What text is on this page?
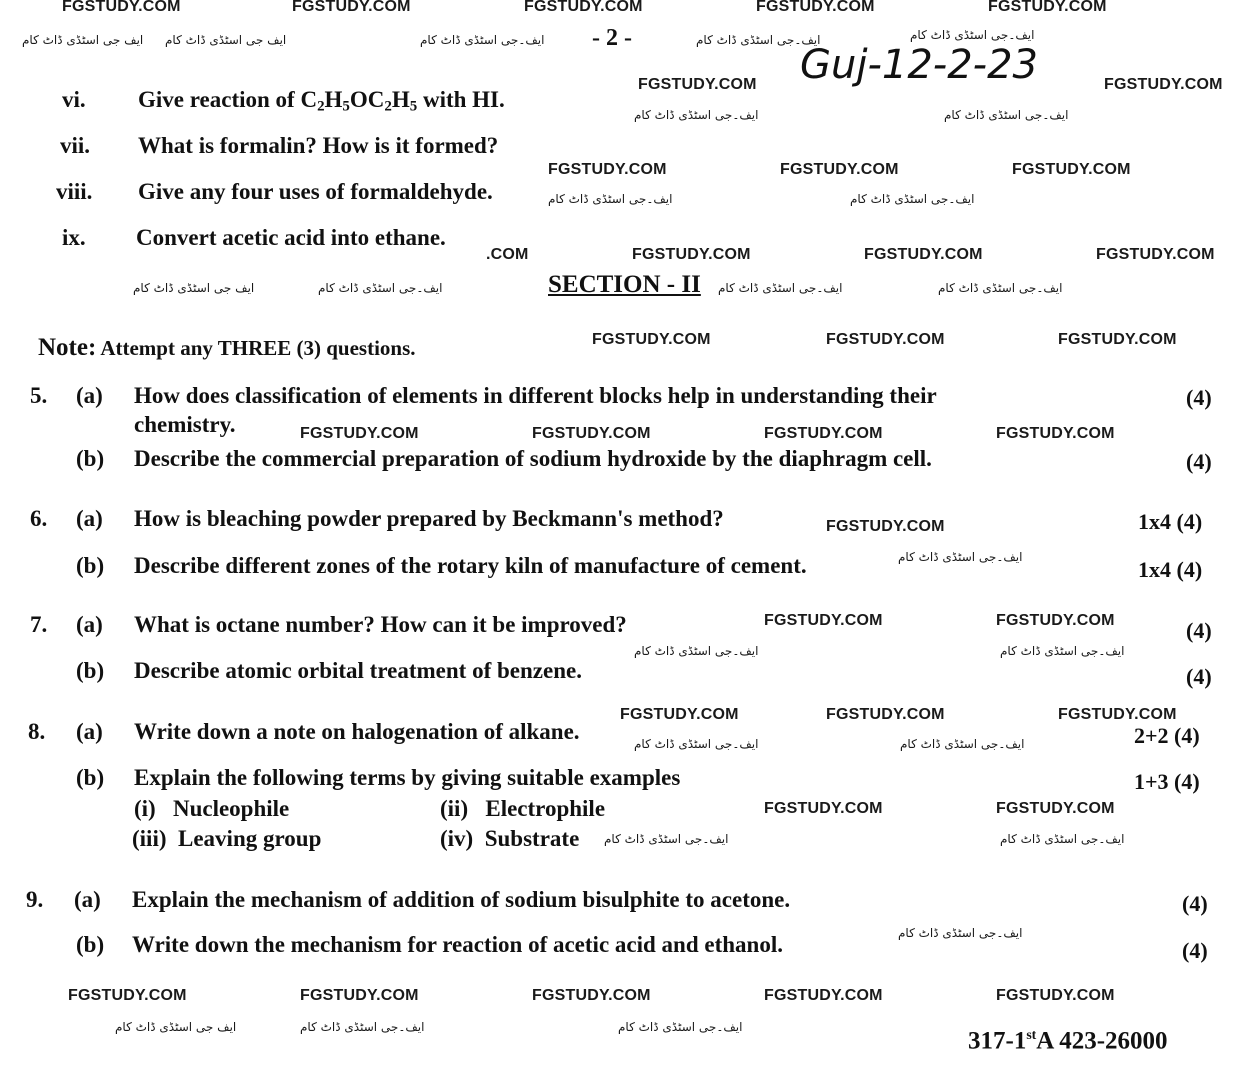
FGSTUDY.COM	FGSTUDY.COM	FGSTUDY.COM	FGSTUDY.COM	FGSTUDY.COM
ایف جی اسٹڈی ڈاٹ کام ایف جی اسٹڈی ڈاٹ کام	ایف۔جی اسٹڈی ڈاٹ کام - 2 -	ایف۔جی اسٹڈی ڈاٹ کام	ایف۔جی اسٹڈی ڈاٹ کام
Guj-12-2-23
FGSTUDY.COM	FGSTUDY.COM
ایف۔جی اسٹڈی ڈاٹ کام	ایف۔جی اسٹڈی ڈاٹ کام
vi. Give reaction of $C_2H_5OC_2H_5$ with HI.
vii. What is formalin? How is it formed?
FGSTUDY.COM	FGSTUDY.COM	FGSTUDY.COM
viii. Give any four uses of formaldehyde.	ایف۔جی اسٹڈی ڈاٹ کام	ایف۔جی اسٹڈی ڈاٹ کام
ix. Convert acetic acid into ethane.
.COM	FGSTUDY.COM	FGSTUDY.COM	FGSTUDY.COM
ایف جی اسٹڈی ڈاٹ کام	ایف۔جی اسٹڈی ڈاٹ کام	SECTION - II ایف۔جی اسٹڈی ڈاٹ کام	ایف۔جی اسٹڈی ڈاٹ کام
Note: Attempt any THREE (3) questions.	FGSTUDY.COM	FGSTUDY.COM	FGSTUDY.COM
5. (a) How does classification of elements in different blocks help in understanding their	(4)
chemistry.	FGSTUDY.COM	FGSTUDY.COM	FGSTUDY.COM	FGSTUDY.COM
(b) Describe the commercial preparation of sodium hydroxide by the diaphragm cell.	(4)
6. (a) How is bleaching powder prepared by Beckmann's method?	FGSTUDY.COM	1x4 (4)
(b) Describe different zones of the rotary kiln of manufacture of cement.	ایف۔جی اسٹڈی ڈاٹ کام	1x4 (4)
7. (a) What is octane number? How can it be improved?	FGSTUDY.COM	FGSTUDY.COM	(4)
ایف۔جی اسٹڈی ڈاٹ کام	ایف۔جی اسٹڈی ڈاٹ کام
(b) Describe atomic orbital treatment of benzene.	(4)
FGSTUDY.COM	FGSTUDY.COM	FGSTUDY.COM
8. (a) Write down a note on halogenation of alkane.	ایف۔جی اسٹڈی ڈاٹ کام	ایف۔جی اسٹڈی ڈاٹ کام	2+2 (4)
(b) Explain the following terms by giving suitable examples	1+3 (4)
(i) Nucleophile	(ii) Electrophile	FGSTUDY.COM	FGSTUDY.COM
(iii) Leaving group	(iv) Substrate ایف۔جی اسٹڈی ڈاٹ کام	ایف۔جی اسٹڈی ڈاٹ کام
9. (a) Explain the mechanism of addition of sodium bisulphite to acetone.	(4)
(b) Write down the mechanism for reaction of acetic acid and ethanol.	ایف۔جی اسٹڈی ڈاٹ کام
(4)
FGSTUDY.COM	FGSTUDY.COM	FGSTUDY.COM	FGSTUDY.COM	FGSTUDY.COM
ایف جی اسٹڈی ڈاٹ کام	ایف۔جی اسٹڈی ڈاٹ کام	ایف۔جی اسٹڈی ڈاٹ کام
317-1stA 423-26000
